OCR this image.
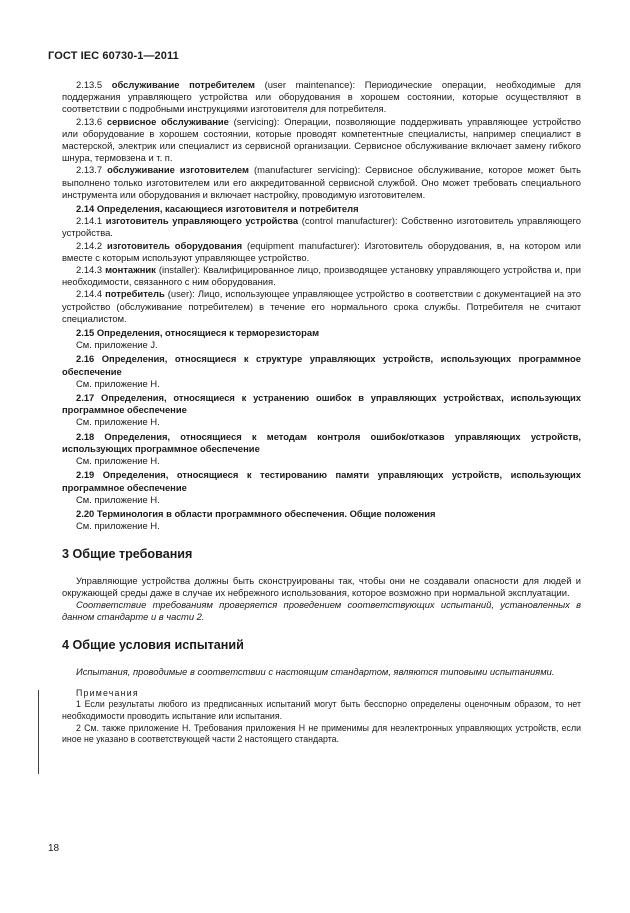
ГОСТ IEC 60730-1—2011

2.13.5 обслуживание потребителем (user maintenance): Периодические операции, необходимые для поддержания управляющего устройства или оборудования в хорошем состоянии, которые осуществляют в соответствии с подробными инструкциями изготовителя для потребителя.

2.13.6 сервисное обслуживание (servicing): Операции, позволяющие поддерживать управляющее устройство или оборудование в хорошем состоянии, которые проводят компетентные специалисты, например специалист в мастерской, электрик или специалист из сервисной организации. Сервисное обслуживание включает замену гибкого шнура, термовзена и т. п.

2.13.7 обслуживание изготовителем (manufacturer servicing): Сервисное обслуживание, которое может быть выполнено только изготовителем или его аккредитованной сервисной службой. Оно может требовать специального инструмента или оборудования и включает настройку, проводимую изготовителем.

2.14 Определения, касающиеся изготовителя и потребителя

2.14.1 изготовитель управляющего устройства (control manufacturer): Собственно изготовитель управляющего устройства.

2.14.2 изготовитель оборудования (equipment manufacturer): Изготовитель оборудования, в, на котором или вместе с которым используют управляющее устройство.

2.14.3 монтажник (installer): Квалифицированное лицо, производящее установку управляющего устройства и, при необходимости, связанного с ним оборудования.

2.14.4 потребитель (user): Лицо, использующее управляющее устройство в соответствии с документацией на это устройство (обслуживание потребителем) в течение его нормального срока службы. Потребителя не считают специалистом.

2.15 Определения, относящиеся к терморезисторам

См. приложение J.

2.16 Определения, относящиеся к структуре управляющих устройств, использующих программное обеспечение

См. приложение Н.

2.17 Определения, относящиеся к устранению ошибок в управляющих устройствах, использующих программное обеспечение

См. приложение Н.

2.18 Определения, относящиеся к методам контроля ошибок/отказов управляющих устройств, использующих программное обеспечение

См. приложение Н.

2.19 Определения, относящиеся к тестированию памяти управляющих устройств, использующих программное обеспечение

См. приложение Н.

2.20 Терминология в области программного обеспечения. Общие положения

См. приложение Н.

3 Общие требования

Управляющие устройства должны быть сконструированы так, чтобы они не создавали опасности для людей и окружающей среды даже в случае их небрежного использования, которое возможно при нормальной эксплуатации.

Соответствие требованиям проверяется проведением соответствующих испытаний, установленных в данном стандарте и в части 2.

4 Общие условия испытаний

Испытания, проводимые в соответствии с настоящим стандартом, являются типовыми испытаниями.

Примечания

1 Если результаты любого из предписанных испытаний могут быть бесспорно определены оценочным образом, то нет необходимости проводить испытание или испытания.

2 См. также приложение Н. Требования приложения Н не применимы для неэлектронных управляющих устройств, если иное не указано в соответствующей части 2 настоящего стандарта.

18
